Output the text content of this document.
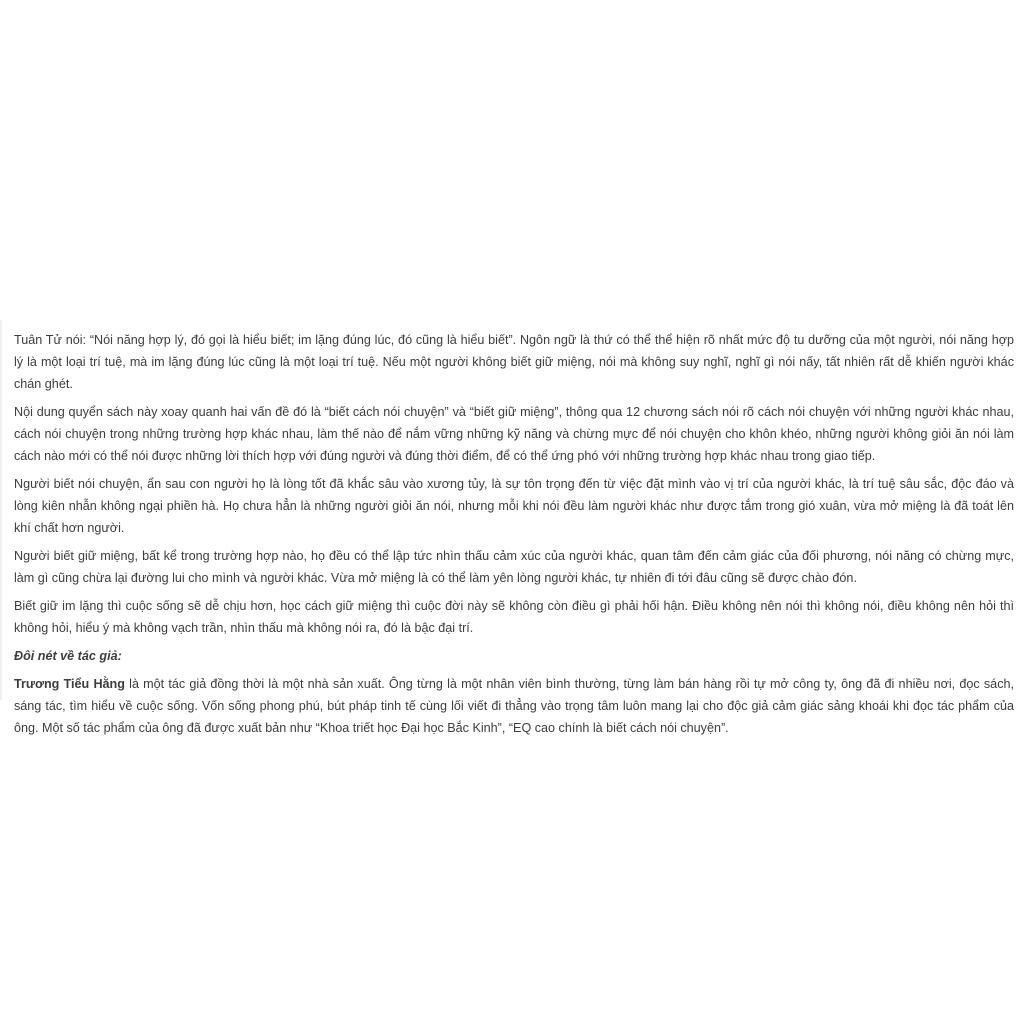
Tuân Tử nói: “Nói năng hợp lý, đó gọi là hiểu biết; im lặng đúng lúc, đó cũng là hiểu biết”. Ngôn ngữ là thứ có thể thể hiện rõ nhất mức độ tu dưỡng của một người, nói năng hợp lý là một loại trí tuệ, mà im lặng đúng lúc cũng là một loại trí tuệ. Nếu một người không biết giữ miệng, nói mà không suy nghĩ, nghĩ gì nói nấy, tất nhiên rất dễ khiến người khác chán ghét.

Nội dung quyển sách này xoay quanh hai vấn đề đó là “biết cách nói chuyện” và “biết giữ miệng”, thông qua 12 chương sách nói rõ cách nói chuyện với những người khác nhau, cách nói chuyện trong những trường hợp khác nhau, làm thế nào để nắm vững những kỹ năng và chừng mực để nói chuyện cho khôn khéo, những người không giỏi ăn nói làm cách nào mới có thể nói được những lời thích hợp với đúng người và đúng thời điểm, để có thể ứng phó với những trường hợp khác nhau trong giao tiếp.

Người biết nói chuyện, ẩn sau con người họ là lòng tốt đã khắc sâu vào xương tủy, là sự tôn trọng đến từ việc đặt mình vào vị trí của người khác, là trí tuệ sâu sắc, độc đáo và lòng kiên nhẫn không ngại phiền hà. Họ chưa hẳn là những người giỏi ăn nói, nhưng mỗi khi nói đều làm người khác như được tắm trong gió xuân, vừa mở miệng là đã toát lên khí chất hơn người.

Người biết giữ miệng, bất kể trong trường hợp nào, họ đều có thể lập tức nhìn thấu cảm xúc của người khác, quan tâm đến cảm giác của đối phương, nói năng có chừng mực, làm gì cũng chừa lại đường lui cho mình và người khác. Vừa mở miệng là có thể làm yên lòng người khác, tự nhiên đi tới đâu cũng sẽ được chào đón.

Biết giữ im lặng thì cuộc sống sẽ dễ chịu hơn, học cách giữ miệng thì cuộc đời này sẽ không còn điều gì phải hối hận. Điều không nên nói thì không nói, điều không nên hỏi thì không hỏi, hiểu ý mà không vạch trần, nhìn thấu mà không nói ra, đó là bậc đại trí.

Đôi nét về tác giả:

Trương Tiểu Hằng là một tác giả đồng thời là một nhà sản xuất. Ông từng là một nhân viên bình thường, từng làm bán hàng rồi tự mở công ty, ông đã đi nhiều nơi, đọc sách, sáng tác, tìm hiểu về cuộc sống. Vốn sống phong phú, bút pháp tinh tế cùng lối viết đi thẳng vào trọng tâm luôn mang lại cho độc giả cảm giác sảng khoái khi đọc tác phẩm của ông. Một số tác phẩm của ông đã được xuất bản như “Khoa triết học Đại học Bắc Kinh”, “EQ cao chính là biết cách nói chuyện”.
